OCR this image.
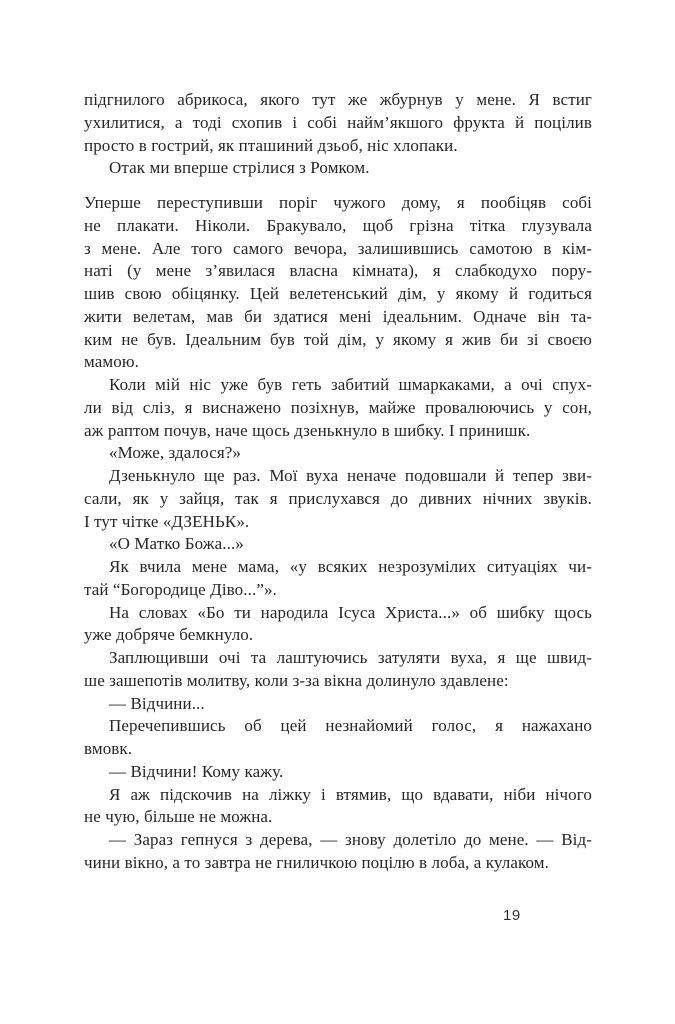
підгнилого абрикоса, якого тут же жбурнув у мене. Я встиг
ухилитися, а тоді схопив і собі найм’якшого фрукта й поцілив
просто в гострий, як пташиний дзьоб, ніс хлопаки.
Отак ми вперше стрілися з Ромком.
Уперше переступивши поріг чужого дому, я пообіцяв собі
не плакати. Ніколи. Бракувало, щоб грізна тітка глузувала
з мене. Але того самого вечора, залишившись самотою в кім-
наті (у мене з’явилася власна кімната), я слабкодухо пору-
шив свою обіцянку. Цей велетенський дім, у якому й годиться
жити велетам, мав би здатися мені ідеальним. Одначе він та-
ким не був. Ідеальним був той дім, у якому я жив би зі своєю
мамою.
Коли мій ніс уже був геть забитий шмаркаками, а очі спух-
ли від сліз, я виснажено позіхнув, майже провалюючись у сон,
аж раптом почув, наче щось дзенькнуло в шибку. І принишк.
«Може, здалося?»
Дзенькнуло ще раз. Мої вуха неначе подовшали й тепер зви-
сали, як у зайця, так я прислухався до дивних нічних звуків.
І тут чітке «ДЗЕНЬК».
«О Матко Божа...»
Як вчила мене мама, «у всяких незрозумілих ситуаціях чи-
тай “Богородице Діво...”».
На словах «Бо ти народила Ісуса Христа...» об шибку щось
уже добряче бемкнуло.
Заплющивши очі та лаштуючись затуляти вуха, я ще швид-
ше зашепотів молитву, коли з-за вікна долинуло здавлене:
— Відчини...
Перечепившись об цей незнайомий голос, я нажахано
вмовк.
— Відчини! Кому кажу.
Я аж підскочив на ліжку і втямив, що вдавати, ніби нічого
не чую, більше не можна.
— Зараз гепнуся з дерева, — знову долетіло до мене. — Від-
чини вікно, а то завтра не гниличкою поцілю в лоба, а кулаком.
19
